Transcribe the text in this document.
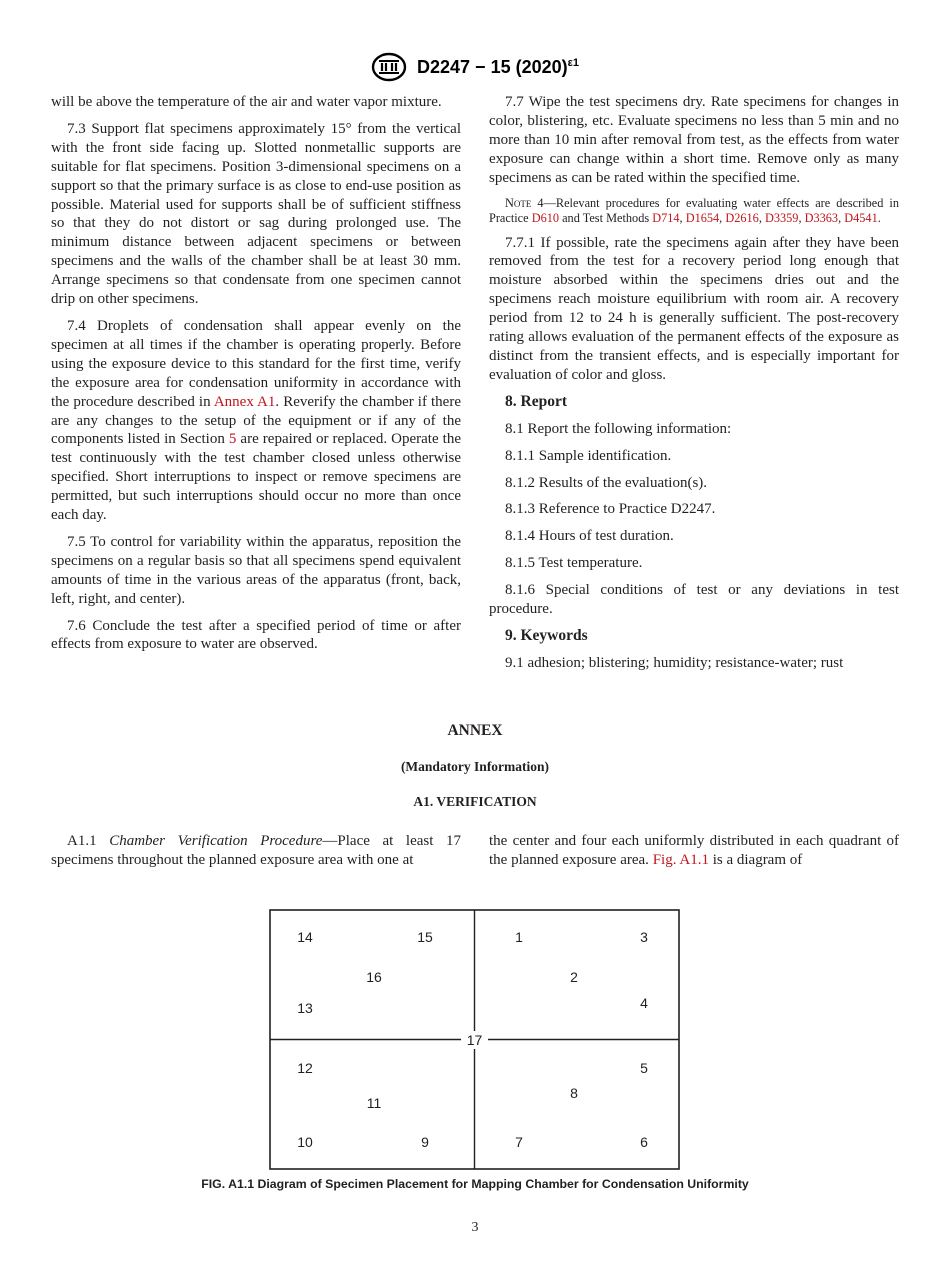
D2247 − 15 $(2020)^{\varepsilon 1}$

will be above the temperature of the air and water vapor mixture.

7.3 Support flat specimens approximately 15° from the vertical with the front side facing up. Slotted nonmetallic supports are suitable for flat specimens. Position 3-dimensional specimens on a support so that the primary surface is as close to end-use position as possible. Material used for supports shall be of sufficient stiffness so that they do not distort or sag during prolonged use. The minimum distance between adjacent specimens or between specimens and the walls of the chamber shall be at least 30 mm. Arrange specimens so that condensate from one specimen cannot drip on other specimens.

7.4 Droplets of condensation shall appear evenly on the specimen at all times if the chamber is operating properly. Before using the exposure device to this standard for the first time, verify the exposure area for condensation uniformity in accordance with the procedure described in Annex A1. Reverify the chamber if there are any changes to the setup of the equipment or if any of the components listed in Section 5 are repaired or replaced. Operate the test continuously with the test chamber closed unless otherwise specified. Short interruptions to inspect or remove specimens are permitted, but such interruptions should occur no more than once each day.

7.5 To control for variability within the apparatus, reposition the specimens on a regular basis so that all specimens spend equivalent amounts of time in the various areas of the apparatus (front, back, left, right, and center).

7.6 Conclude the test after a specified period of time or after effects from exposure to water are observed.

7.7 Wipe the test specimens dry. Rate specimens for changes in color, blistering, etc. Evaluate specimens no less than 5 min and no more than 10 min after removal from test, as the effects from water exposure can change within a short time. Remove only as many specimens as can be rated within the specified time.

Note 4—Relevant procedures for evaluating water effects are described in Practice D610 and Test Methods D714, D1654, D2616, D3359, D3363, D4541.

7.7.1 If possible, rate the specimens again after they have been removed from the test for a recovery period long enough that moisture absorbed within the specimens dries out and the specimens reach moisture equilibrium with room air. A recovery period from 12 to 24 h is generally sufficient. The post-recovery rating allows evaluation of the permanent effects of the exposure as distinct from the transient effects, and is especially important for evaluation of color and gloss.

8. Report

8.1 Report the following information:

8.1.1 Sample identification.

8.1.2 Results of the evaluation(s).

8.1.3 Reference to Practice D2247.

8.1.4 Hours of test duration.

8.1.5 Test temperature.

8.1.6 Special conditions of test or any deviations in test procedure.

9. Keywords

9.1 adhesion; blistering; humidity; resistance-water; rust

ANNEX
(Mandatory Information)
A1. VERIFICATION

A1.1 Chamber Verification Procedure—Place at least 17 specimens throughout the planned exposure area with one at

the center and four each uniformly distributed in each quadrant of the planned exposure area. Fig. A1.1 is a diagram of

17
14	15	1	3
16	2
13	4
12	5
11
8
10	9	7	6
FIG. A1.1 Diagram of Specimen Placement for Mapping Chamber for Condensation Uniformity
3
